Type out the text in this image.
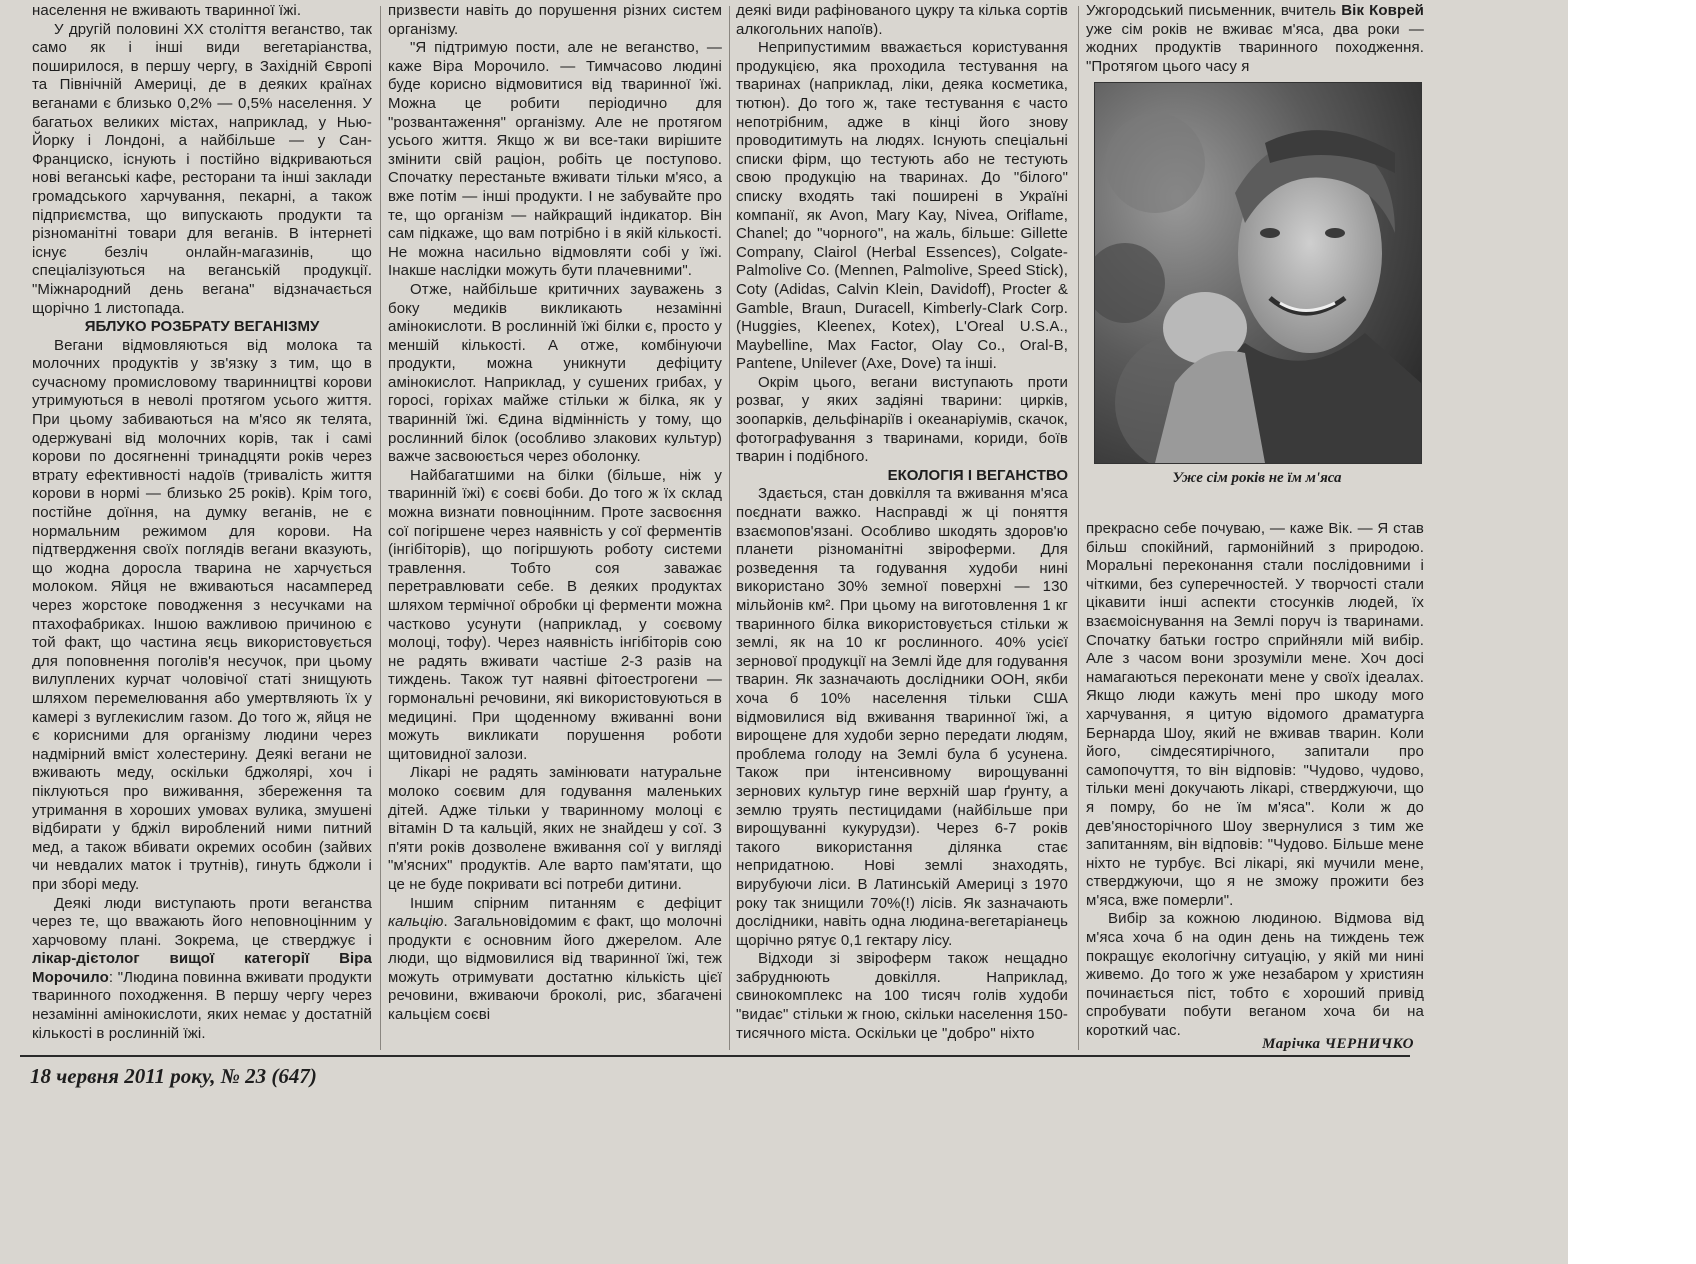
населення не вживають тваринної їжі.

У другій половині XX століття веганство, так само як і інші види вегетаріанства, поширилося, в першу чергу, в Західній Європі та Північній Америці, де в деяких країнах веганами є близько 0,2% — 0,5% населення. У багатьох великих містах, наприклад, у Нью-Йорку і Лондоні, а найбільше — у Сан-Франциско, існують і постійно відкриваються нові веганські кафе, ресторани та інші заклади громадського харчування, пекарні, а також підприємства, що випускають продукти та різноманітні товари для веганів. В інтернеті існує безліч онлайн-магазинів, що спеціалізуються на веганській продукції. "Міжнародний день вегана" відзначається щорічно 1 листопада.

ЯБЛУКО РОЗБРАТУ ВЕГАНІЗМУ

Вегани відмовляються від молока та молочних продуктів у зв'язку з тим, що в сучасному промисловому тваринництві корови утримуються в неволі протягом усього життя. При цьому забиваються на м'ясо як телята, одержувані від молочних корів, так і самі корови по досягненні тринадцяти років через втрату ефективності надоїв (тривалість життя корови в нормі — близько 25 років). Крім того, постійне доїння, на думку веганів, не є нормальним режимом для корови. На підтвердження своїх поглядів вегани вказують, що жодна доросла тварина не харчується молоком. Яйця не вживаються насамперед через жорстоке поводження з несучками на птахофабриках. Іншою важливою причиною є той факт, що частина яєць використовується для поповнення поголів'я несучок, при цьому вилуплених курчат чоловічої статі знищують шляхом перемелювання або умертвляють їх у камері з вуглекислим газом. До того ж, яйця не є корисними для організму людини через надмірний вміст холестерину. Деякі вегани не вживають меду, оскільки бджолярі, хоч і піклуються про виживання, збереження та утримання в хороших умовах вулика, змушені відбирати у бджіл вироблений ними питний мед, а також вбивати окремих особин (зайвих чи невдалих маток і трутнів), гинуть бджоли і при зборі меду.

Деякі люди виступають проти веганства через те, що вважають його неповноцінним у харчовому плані. Зокрема, це стверджує і лікар-дієтолог вищої категорії Віра Морочило: "Людина повинна вживати продукти тваринного походження. В першу чергу через незамінні амінокислоти, яких немає у достатній кількості в рослинній їжі.

призвести навіть до порушення різних систем організму.

"Я підтримую пости, але не веганство, — каже Віра Морочило. — Тимчасово людині буде корисно відмовитися від тваринної їжі. Можна це робити періодично для "розвантаження" організму. Але не протягом усього життя. Якщо ж ви все-таки вирішите змінити свій раціон, робіть це поступово. Спочатку перестаньте вживати тільки м'ясо, а вже потім — інші продукти. І не забувайте про те, що організм — найкращий індикатор. Він сам підкаже, що вам потрібно і в якій кількості. Не можна насильно відмовляти собі у їжі. Інакше наслідки можуть бути плачевними".

Отже, найбільше критичних зауважень з боку медиків викликають незамінні амінокислоти. В рослинній їжі білки є, просто у меншій кількості. А отже, комбінуючи продукти, можна уникнути дефіциту амінокислот. Наприклад, у сушених грибах, у горосі, горіхах майже стільки ж білка, як у тваринній їжі. Єдина відмінність у тому, що рослинний білок (особливо злакових культур) важче засвоюється через оболонку.

Найбагатшими на білки (більше, ніж у тваринній їжі) є соєві боби. До того ж їх склад можна визнати повноцінним. Проте засвоєння сої погіршене через наявність у сої ферментів (інгібіторів), що погіршують роботу системи травлення. Тобто соя заважає перетравлювати себе. В деяких продуктах шляхом термічної обробки ці ферменти можна частково усунути (наприклад, у соєвому молоці, тофу). Через наявність інгібіторів сою не радять вживати частіше 2-3 разів на тиждень. Також тут наявні фітоестрогени — гормональні речовини, які використовуються в медицині. При щоденному вживанні вони можуть викликати порушення роботи щитовидної залози.

Лікарі не радять замінювати натуральне молоко соєвим для годування маленьких дітей. Адже тільки у тваринному молоці є вітамін D та кальцій, яких не знайдеш у сої. З п'яти років дозволене вживання сої у вигляді "м'ясних" продуктів. Але варто пам'ятати, що це не буде покривати всі потреби дитини.

Іншим спірним питанням є дефіцит кальцію. Загальновідомим є факт, що молочні продукти є основним його джерелом. Але люди, що відмовилися від тваринної їжі, теж можуть отримувати достатню кількість цієї речовини, вживаючи броколі, рис, збагачені кальцієм соєві

деякі види рафінованого цукру та кілька сортів алкогольних напоїв).

Неприпустимим вважається користування продукцією, яка проходила тестування на тваринах (наприклад, ліки, деяка косметика, тютюн). До того ж, таке тестування є часто непотрібним, адже в кінці його знову проводитимуть на людях. Існують спеціальні списки фірм, що тестують або не тестують свою продукцію на тваринах. До "білого" списку входять такі поширені в Україні компанії, як Avon, Mary Kay, Nivea, Oriflame, Chanel; до "чорного", на жаль, більше: Gillette Company, Clairol (Herbal Essences), Colgate-Palmolive Co. (Mennen, Palmolive, Speed Stick), Coty (Adidas, Calvin Klein, Davidoff), Procter & Gamble, Braun, Duracell, Kimberly-Clark Corp. (Huggies, Kleenex, Kotex), L'Oreal U.S.A., Maybelline, Max Factor, Olay Co., Oral-B, Pantene, Unilever (Axe, Dove) та інші.

Окрім цього, вегани виступають проти розваг, у яких задіяні тварини: цирків, зоопарків, дельфінаріїв і океанаріумів, скачок, фотографування з тваринами, кориди, боїв тварин і подібного.

ЕКОЛОГІЯ І ВЕГАНСТВО

Здається, стан довкілля та вживання м'яса поєднати важко. Насправді ж ці поняття взаємопов'язані. Особливо шкодять здоров'ю планети різноманітні звіроферми. Для розведення та годування худоби нині використано 30% земної поверхні — 130 мільйонів км². При цьому на виготовлення 1 кг тваринного білка використовується стільки ж землі, як на 10 кг рослинного. 40% усієї зернової продукції на Землі йде для годування тварин. Як зазначають дослідники ООН, якби хоча б 10% населення тільки США відмовилися від вживання тваринної їжі, а вирощене для худоби зерно передати людям, проблема голоду на Землі була б усунена. Також при інтенсивному вирощуванні зернових культур гине верхній шар ґрунту, а землю труять пестицидами (найбільше при вирощуванні кукурудзи). Через 6-7 років такого використання ділянка стає непридатною. Нові землі знаходять, вирубуючи ліси. В Латинській Америці з 1970 року так знищили 70%(!) лісів. Як зазначають дослідники, навіть одна людина-вегетаріанець щорічно рятує 0,1 гектару лісу.

Відходи зі звіроферм також нещадно забруднюють довкілля. Наприклад, свинокомплекс на 100 тисяч голів худоби "видає" стільки ж гною, скільки населення 150-тисячного міста. Оскільки це "добро" ніхто

Ужгородський письменник, вчитель Вік Коврей уже сім років не вживає м'яса, два роки — жодних продуктів тваринного походження. "Протягом цього часу я

Уже сім років не їм м'яса

прекрасно себе почуваю, — каже Вік. — Я став більш спокійний, гармонійний з природою. Моральні переконання стали послідовними і чіткими, без суперечностей. У творчості стали цікавити інші аспекти стосунків людей, їх взаємоіснування на Землі поруч із тваринами. Спочатку батьки гостро сприйняли мій вибір. Але з часом вони зрозуміли мене. Хоч досі намагаються переконати мене у своїх ідеалах. Якщо люди кажуть мені про шкоду мого харчування, я цитую відомого драматурга Бернарда Шоу, який не вживав тварин. Коли його, сімдесятирічного, запитали про самопочуття, то він відповів: "Чудово, чудово, тільки мені докучають лікарі, стверджуючи, що я помру, бо не їм м'яса". Коли ж до дев'яносторічного Шоу звернулися з тим же запитанням, він відповів: "Чудово. Більше мене ніхто не турбує. Всі лікарі, які мучили мене, стверджуючи, що я не зможу прожити без м'яса, вже померли".

Вибір за кожною людиною. Відмова від м'яса хоча б на один день на тиждень теж покращує екологічну ситуацію, у якій ми нині живемо. До того ж уже незабаром у християн починається піст, тобто є хороший привід спробувати побути веганом хоча би на короткий час.

Марічка ЧЕРНИЧКО
18 червня 2011 року, № 23 (647)
